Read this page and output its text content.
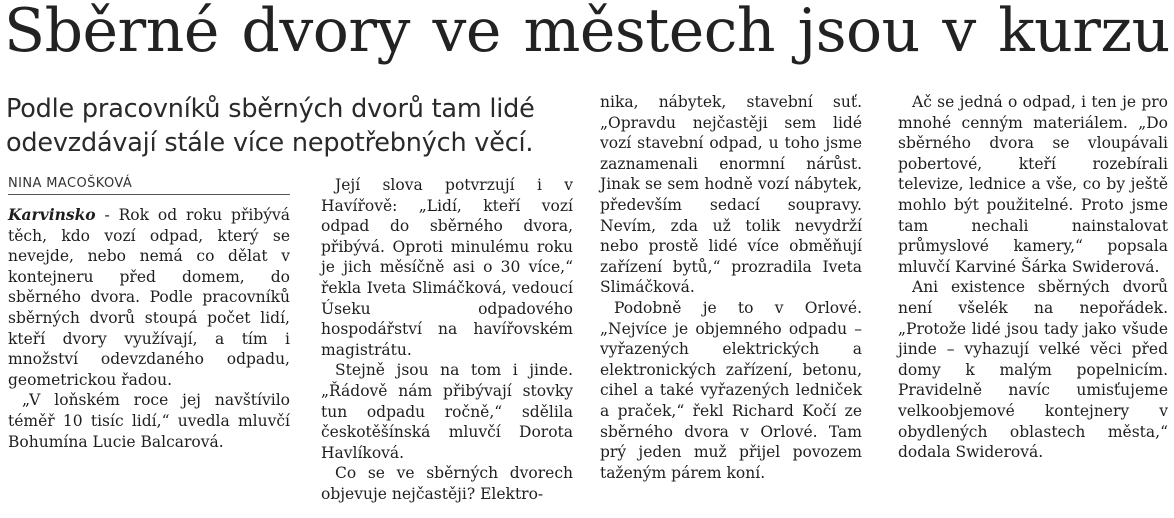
Sběrné dvory ve městech jsou v kurzu
Podle pracovníků sběrných dvorů tam lidé odevzdávají stále více nepotřebných věcí.
NINA MACOŠKOVÁ

Karvinsko - Rok od roku přibývá těch, kdo vozí odpad, který se nevejde, nebo nemá co dělat v kontejneru před domem, do sběrného dvora. Podle pracovníků sběrných dvorů stoupá počet lidí, kteří dvory využívají, a tím i množství odevzdaného odpadu, geometrickou řadou.

„V loňském roce jej navštívilo téměř 10 tisíc lidí,“ uvedla mluvčí Bohumína Lucie Balcarová.

Její slova potvrzují i v Havířově: „Lidí, kteří vozí odpad do sběrného dvora, přibývá. Oproti minulému roku je jich měsíčně asi o 30 více,“ řekla Iveta Slimáčková, vedoucí Úseku odpadového hospodářství na havířovském magistrátu.

Stejně jsou na tom i jinde. „Řádově nám přibývají stovky tun odpadu ročně,“ sdělila českotěšínská mluvčí Dorota Havlíková.

Co se ve sběrných dvorech objevuje nejčastěji? Elektro-

nika, nábytek, stavební suť. „Opravdu nejčastěji sem lidé vozí stavební odpad, u toho jsme zaznamenali enormní nárůst. Jinak se sem hodně vozí nábytek, především sedací soupravy. Nevím, zda už tolik nevydrží nebo prostě lidé více obměňují zařízení bytů,“ prozradila Iveta Slimáčková.

Podobně je to v Orlové. „Nejvíce je objemného odpadu – vyřazených elektrických a elektronických zařízení, betonu, cihel a také vyřazených ledniček a praček,“ řekl Richard Kočí ze sběrného dvora v Orlové. Tam prý jeden muž přijel povozem taženým párem koní.

Ač se jedná o odpad, i ten je pro mnohé cenným materiálem. „Do sběrného dvora se vloupávali pobertové, kteří rozebírali televize, lednice a vše, co by ještě mohlo být použitelné. Proto jsme tam nechali nainstalovat průmyslové kamery,“ popsala mluvčí Karviné Šárka Swiderová.

Ani existence sběrných dvorů není všelék na nepořádek. „Protože lidé jsou tady jako všude jinde – vyhazují velké věci před domy k malým popelnicím. Pravidelně navíc umisťujeme velkoobjemové kontejnery v obydlených oblastech města,“ dodala Swiderová.
